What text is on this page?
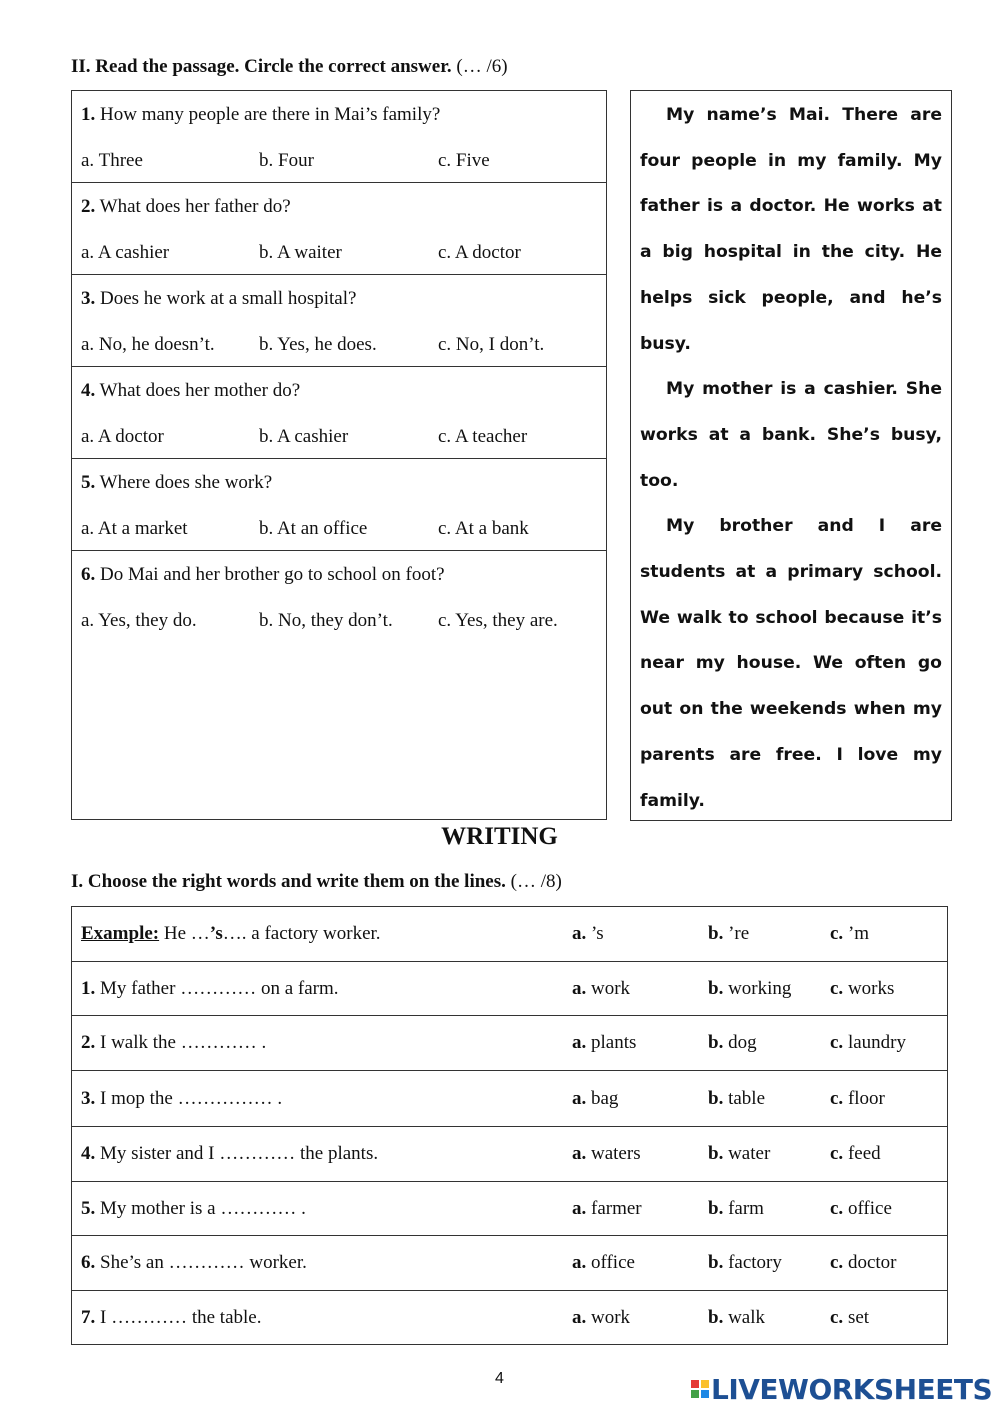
II. Read the passage. Circle the correct answer. (… /6)
1. How many people are there in Mai’s family?
a. Three	b. Four	c. Five
2. What does her father do?
a. A cashier	b. A waiter	c. A doctor
3. Does he work at a small hospital?
a. No, he doesn’t. b. Yes, he does.	c. No, I don’t.
4. What does her mother do?
a. A doctor	b. A cashier	c. A teacher
5. Where does she work?
a. At a market	b. At an office	c. At a bank
6. Do Mai and her brother go to school on foot?
a. Yes, they do.	b. No, they don’t. c. Yes, they are.

My name’s Mai. There are four people in my family. My father is a doctor. He works at a big hospital in the city. He helps sick people, and he’s busy.

My mother is a cashier. She works at a bank. She’s busy, too.

My brother and I are students at a primary school. We walk to school because it’s near my house. We often go out on the weekends when my parents are free. I love my family.

WRITING
I. Choose the right words and write them on the lines. (… /8)
Example: He …’s…. a factory worker.	a. ’s	b. ’re	c. ’m
1. My father ………… on a farm.	a. work	b. working c. works
2. I walk the ………… .	a. plants	b. dog	c. laundry
3. I mop the …………… .	a. bag	b. table	c. floor
4. My sister and I ………… the plants.	a. waters	b. water	c. feed
5. My mother is a ………… .	a. farmer	b. farm	c. office
6. She’s an ………… worker.	a. office	b. factory	c. doctor
7. I ………… the table.	a. work	b. walk	c. set
4	LIVEWORKSHEETS
